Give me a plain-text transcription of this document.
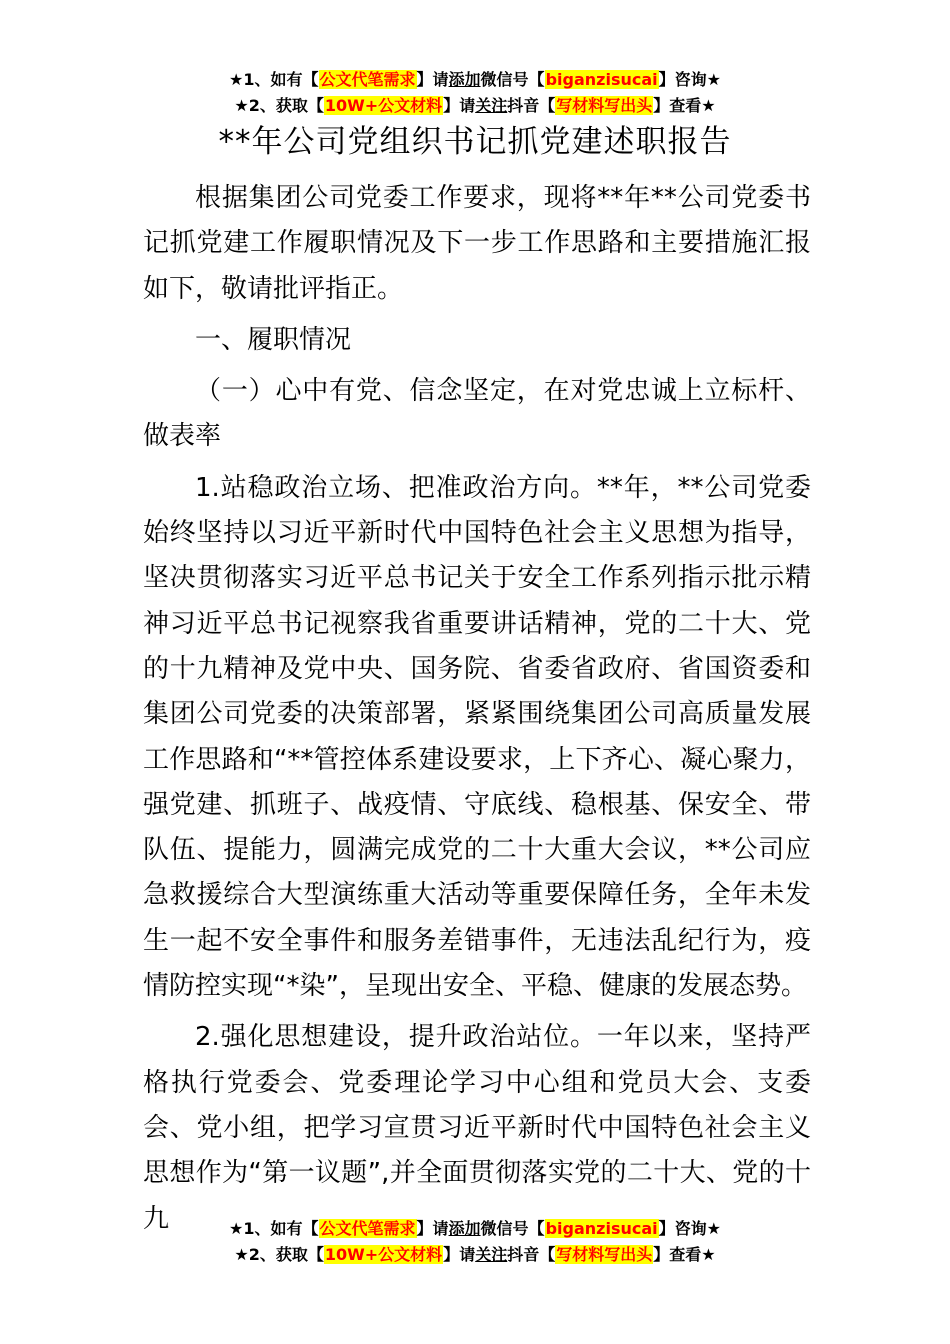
★1、如有【公文代笔需求】请添加微信号【biganzisucai】咨询★
★2、获取【10W+公文材料】请关注抖音【写材料写出头】查看★
**年公司党组织书记抓党建述职报告

根据集团公司党委工作要求，现将**年**公司党委书记抓党建工作履职情况及下一步工作思路和主要措施汇报如下，敬请批评指正。

一、履职情况

（一）心中有党、信念坚定，在对党忠诚上立标杆、做表率

1.站稳政治立场、把准政治方向。**年，**公司党委始终坚持以习近平新时代中国特色社会主义思想为指导，坚决贯彻落实习近平总书记关于安全工作系列指示批示精神习近平总书记视察我省重要讲话精神，党的二十大、党的十九精神及党中央、国务院、省委省政府、省国资委和集团公司党委的决策部署，紧紧围绕集团公司高质量发展工作思路和“**管控体系建设要求，上下齐心、凝心聚力，强党建、抓班子、战疫情、守底线、稳根基、保安全、带队伍、提能力，圆满完成党的二十大重大会议，**公司应急救援综合大型演练重大活动等重要保障任务，全年未发生一起不安全事件和服务差错事件，无违法乱纪行为，疫情防控实现“*染”，呈现出安全、平稳、健康的发展态势。

2.强化思想建设，提升政治站位。一年以来，坚持严格执行党委会、党委理论学习中心组和党员大会、支委会、党小组，把学习宣贯习近平新时代中国特色社会主义思想作为“第一议题”,并全面贯彻落实党的二十大、党的十九	★1、如有【公文代笔需求】请添加微信号【biganzisucai】咨询★
★2、获取【10W+公文材料】请关注抖音【写材料写出头】查看★
